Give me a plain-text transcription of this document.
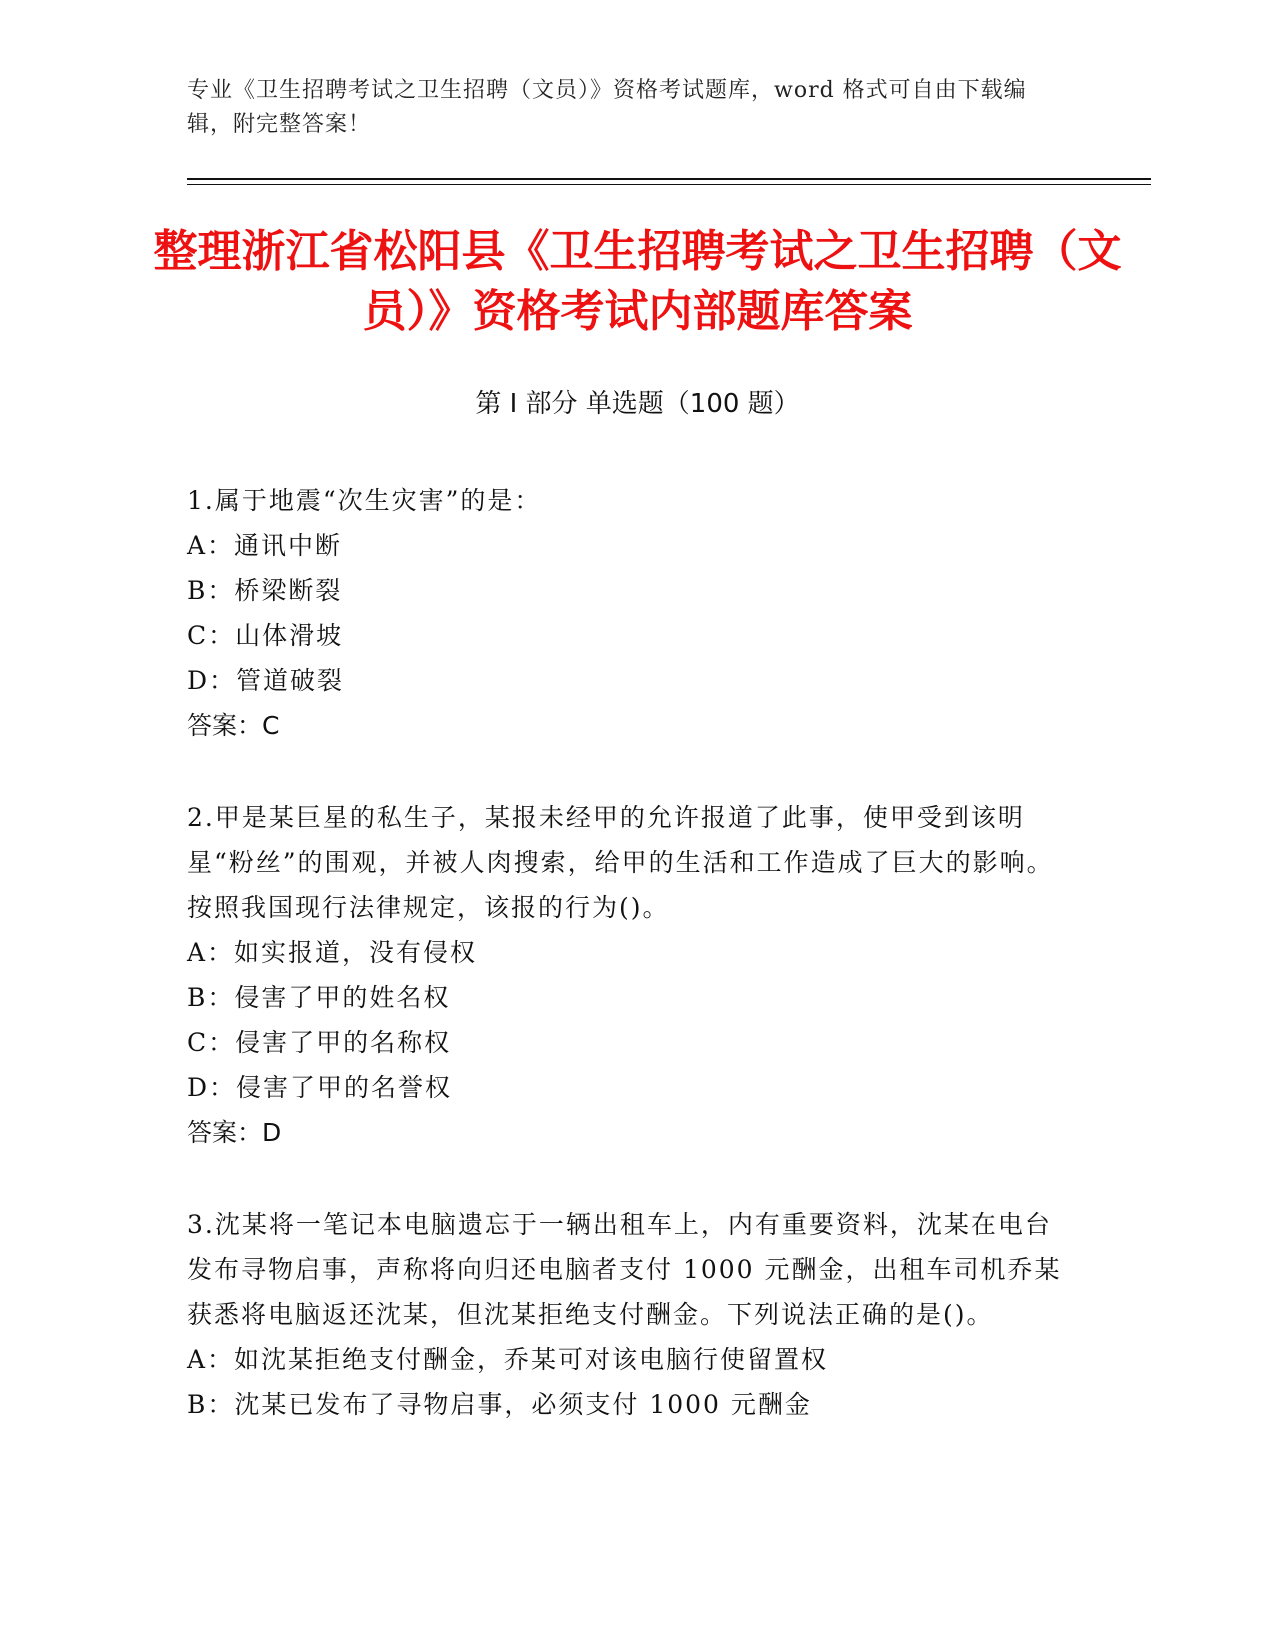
专业《卫生招聘考试之卫生招聘（文员）》资格考试题库，word 格式可自由下载编辑，附完整答案！
整理浙江省松阳县《卫生招聘考试之卫生招聘（文员）》资格考试内部题库答案
第 I 部分 单选题（100 题）
1.属于地震“次生灾害”的是：
A：通讯中断
B：桥梁断裂
C：山体滑坡
D：管道破裂
答案：C
2.甲是某巨星的私生子，某报未经甲的允许报道了此事，使甲受到该明星“粉丝”的围观，并被人肉搜索，给甲的生活和工作造成了巨大的影响。按照我国现行法律规定，该报的行为()。
A：如实报道，没有侵权
B：侵害了甲的姓名权
C：侵害了甲的名称权
D：侵害了甲的名誉权
答案：D
3.沈某将一笔记本电脑遗忘于一辆出租车上，内有重要资料，沈某在电台发布寻物启事，声称将向归还电脑者支付 1000 元酬金，出租车司机乔某获悉将电脑返还沈某，但沈某拒绝支付酬金。下列说法正确的是()。
A：如沈某拒绝支付酬金，乔某可对该电脑行使留置权
B：沈某已发布了寻物启事，必须支付 1000 元酬金
